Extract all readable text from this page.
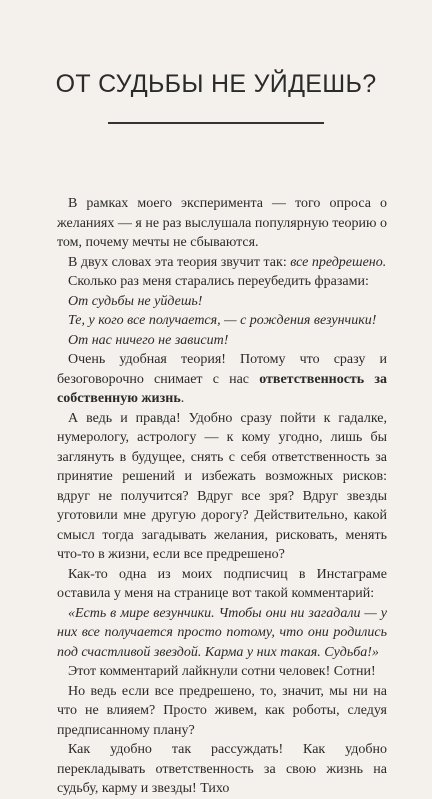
ОТ СУДЬБЫ НЕ УЙДЕШЬ?

В рамках моего эксперимента — того опроса о желаниях — я не раз выслушала популярную теорию о том, почему мечты не сбываются.

В двух словах эта теория звучит так: все предрешено.

Сколько раз меня старались переубедить фразами:

От судьбы не уйдешь!

Те, у кого все получается, — с рождения везунчики!

От нас ничего не зависит!

Очень удобная теория! Потому что сразу и безоговорочно снимает с нас ответственность за собственную жизнь.

А ведь и правда! Удобно сразу пойти к гадалке, нумерологу, астрологу — к кому угодно, лишь бы заглянуть в будущее, снять с себя ответственность за принятие решений и избежать возможных рисков: вдруг не получится? Вдруг все зря? Вдруг звезды уготовили мне другую дорогу? Действительно, какой смысл тогда загадывать желания, рисковать, менять что-то в жизни, если все предрешено?

Как-то одна из моих подписчиц в Инстаграме оставила у меня на странице вот такой комментарий:

«Есть в мире везунчики. Чтобы они ни загадали — у них все получается просто потому, что они родились под счастливой звездой. Карма у них такая. Судьба!»

Этот комментарий лайкнули сотни человек! Сотни!

Но ведь если все предрешено, то, значит, мы ни на что не влияем? Просто живем, как роботы, следуя предписанному плану?

Как удобно так рассуждать! Как удобно перекладывать ответственность за свою жизнь на судьбу, карму и звезды! Тихо
